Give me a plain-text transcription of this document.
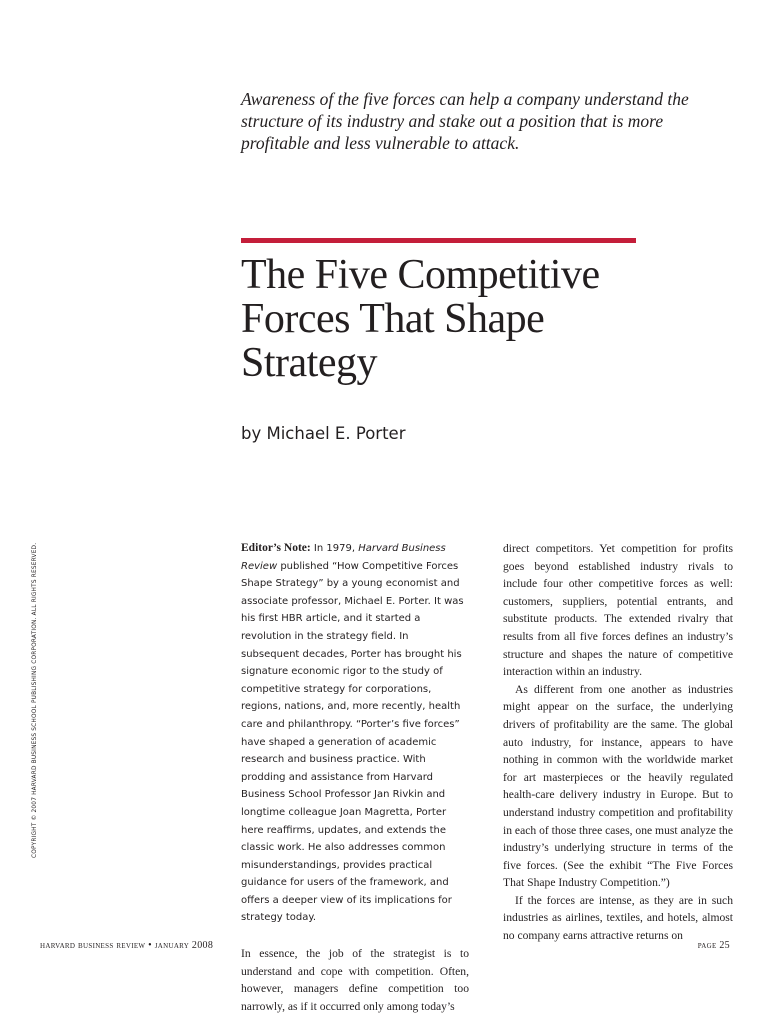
Awareness of the five forces can help a company understand the structure of its industry and stake out a position that is more profitable and less vulnerable to attack.
The Five Competitive Forces That Shape Strategy
by Michael E. Porter

Editor’s Note: In 1979, Harvard Business Review published “How Competitive Forces Shape Strategy” by a young economist and associate professor, Michael E. Porter. It was his first HBR article, and it started a revolution in the strategy field. In subsequent decades, Porter has brought his signature economic rigor to the study of competitive strategy for corporations, regions, nations, and, more recently, health care and philanthropy. “Porter’s five forces” have shaped a generation of academic research and business practice. With prodding and assistance from Harvard Business School Professor Jan Rivkin and longtime colleague Joan Magretta, Porter here reaffirms, updates, and extends the classic work. He also addresses common misunderstandings, provides practical guidance for users of the framework, and offers a deeper view of its implications for strategy today.

In essence, the job of the strategist is to understand and cope with competition. Often, however, managers define competition too narrowly, as if it occurred only among today’s

direct competitors. Yet competition for profits goes beyond established industry rivals to include four other competitive forces as well: customers, suppliers, potential entrants, and substitute products. The extended rivalry that results from all five forces defines an industry’s structure and shapes the nature of competitive interaction within an industry.

As different from one another as industries might appear on the surface, the underlying drivers of profitability are the same. The global auto industry, for instance, appears to have nothing in common with the worldwide market for art masterpieces or the heavily regulated health-care delivery industry in Europe. But to understand industry competition and profitability in each of those three cases, one must analyze the industry’s underlying structure in terms of the five forces. (See the exhibit “The Five Forces That Shape Industry Competition.”)

If the forces are intense, as they are in such industries as airlines, textiles, and hotels, almost no company earns attractive returns on

COPYRIGHT © 2007 HARVARD BUSINESS SCHOOL PUBLISHING CORPORATION. ALL RIGHTS RESERVED.
harvard business review • january 2008	page 25
